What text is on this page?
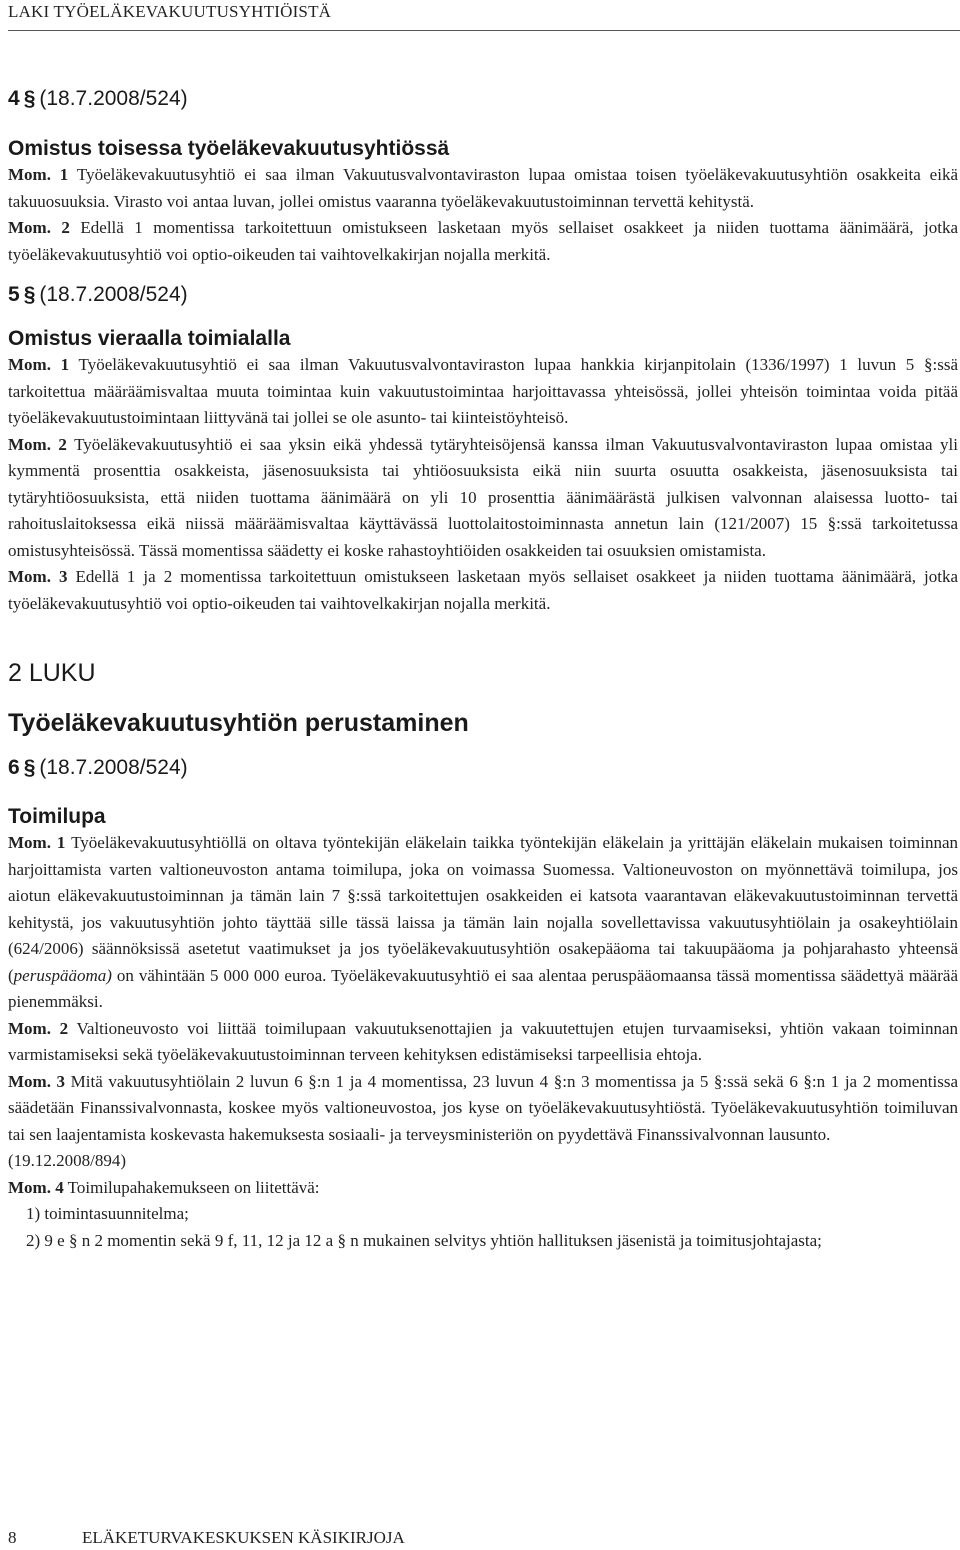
LAKI TYÖELÄKEVAKUUTUSYHTIÖISTÄ

4 § (18.7.2008/524)

Omistus toisessa työeläkevakuutusyhtiössä

Mom. 1 Työeläkevakuutusyhtiö ei saa ilman Vakuutusvalvontaviraston lupaa omistaa toisen työeläkevakuutusyhtiön osakkeita eikä takuuosuuksia. Virasto voi antaa luvan, jollei omistus vaaranna työeläkevakuutustoiminnan tervettä kehitystä.

Mom. 2 Edellä 1 momentissa tarkoitettuun omistukseen lasketaan myös sellaiset osakkeet ja niiden tuottama äänimäärä, jotka työeläkevakuutusyhtiö voi optio-oikeuden tai vaihtovelkakirjan nojalla merkitä.

5 § (18.7.2008/524)

Omistus vieraalla toimialalla

Mom. 1 Työeläkevakuutusyhtiö ei saa ilman Vakuutusvalvontaviraston lupaa hankkia kirjanpitolain (1336/1997) 1 luvun 5 §:ssä tarkoitettua määräämisvaltaa muuta toimintaa kuin vakuutustoimintaa harjoittavassa yhteisössä, jollei yhteisön toimintaa voida pitää työeläkevakuutustoimintaan liittyvänä tai jollei se ole asunto- tai kiinteistöyhteisö.

Mom. 2 Työeläkevakuutusyhtiö ei saa yksin eikä yhdessä tytäryhteisöjensä kanssa ilman Vakuutusvalvontaviraston lupaa omistaa yli kymmentä prosenttia osakkeista, jäsenosuuksista tai yhtiöosuuksista eikä niin suurta osuutta osakkeista, jäsenosuuksista tai tytäryhtiöosuuksista, että niiden tuottama äänimäärä on yli 10 prosenttia äänimäärästä julkisen valvonnan alaisessa luotto- tai rahoituslaitoksessa eikä niissä määräämisvaltaa käyttävässä luottolaitostoiminnasta annetun lain (121/2007) 15 §:ssä tarkoitetussa omistusyhteisössä. Tässä momentissa säädetty ei koske rahastoyhtiöiden osakkeiden tai osuuksien omistamista.

Mom. 3 Edellä 1 ja 2 momentissa tarkoitettuun omistukseen lasketaan myös sellaiset osakkeet ja niiden tuottama äänimäärä, jotka työeläkevakuutusyhtiö voi optio-oikeuden tai vaihtovelkakirjan nojalla merkitä.

2 LUKU

Työeläkevakuutusyhtiön perustaminen

6 § (18.7.2008/524)

Toimilupa

Mom. 1 Työeläkevakuutusyhtiöllä on oltava työntekijän eläkelain taikka työntekijän eläkelain ja yrittäjän eläkelain mukaisen toiminnan harjoittamista varten valtioneuvoston antama toimilupa, joka on voimassa Suomessa. Valtioneuvoston on myönnettävä toimilupa, jos aiotun eläkevakuutustoiminnan ja tämän lain 7 §:ssä tarkoitettujen osakkeiden ei katsota vaarantavan eläkevakuutustoiminnan tervettä kehitystä, jos vakuutusyhtiön johto täyttää sille tässä laissa ja tämän lain nojalla sovellettavissa vakuutusyhtiölain ja osakeyhtiölain (624/2006) säännöksissä asetetut vaatimukset ja jos työeläkevakuutusyhtiön osakepääoma tai takuupääoma ja pohjarahasto yhteensä (peruspääoma) on vähintään 5 000 000 euroa. Työeläkevakuutusyhtiö ei saa alentaa peruspääomaansa tässä momentissa säädettyä määrää pienemmäksi.

Mom. 2 Valtioneuvosto voi liittää toimilupaan vakuutuksenottajien ja vakuutettujen etujen turvaamiseksi, yhtiön vakaan toiminnan varmistamiseksi sekä työeläkevakuutustoiminnan terveen kehityksen edistämiseksi tarpeellisia ehtoja.

Mom. 3 Mitä vakuutusyhtiölain 2 luvun 6 §:n 1 ja 4 momentissa, 23 luvun 4 §:n 3 momentissa ja 5 §:ssä sekä 6 §:n 1 ja 2 momentissa säädetään Finanssivalvonnasta, koskee myös valtioneuvostoa, jos kyse on työeläkevakuutusyhtiöstä. Työeläkevakuutusyhtiön toimiluvan tai sen laajentamista koskevasta hakemuksesta sosiaali- ja terveysministeriön on pyydettävä Finanssivalvonnan lausunto.

(19.12.2008/894)

Mom. 4 Toimilupahakemukseen on liitettävä:

1) toimintasuunnitelma;

2) 9 e § n 2 momentin sekä 9 f, 11, 12 ja 12 a § n mukainen selvitys yhtiön hallituksen jäsenistä ja toimitusjohtajasta;

8	ELÄKETURVAKESKUKSEN KÄSIKIRJOJA
